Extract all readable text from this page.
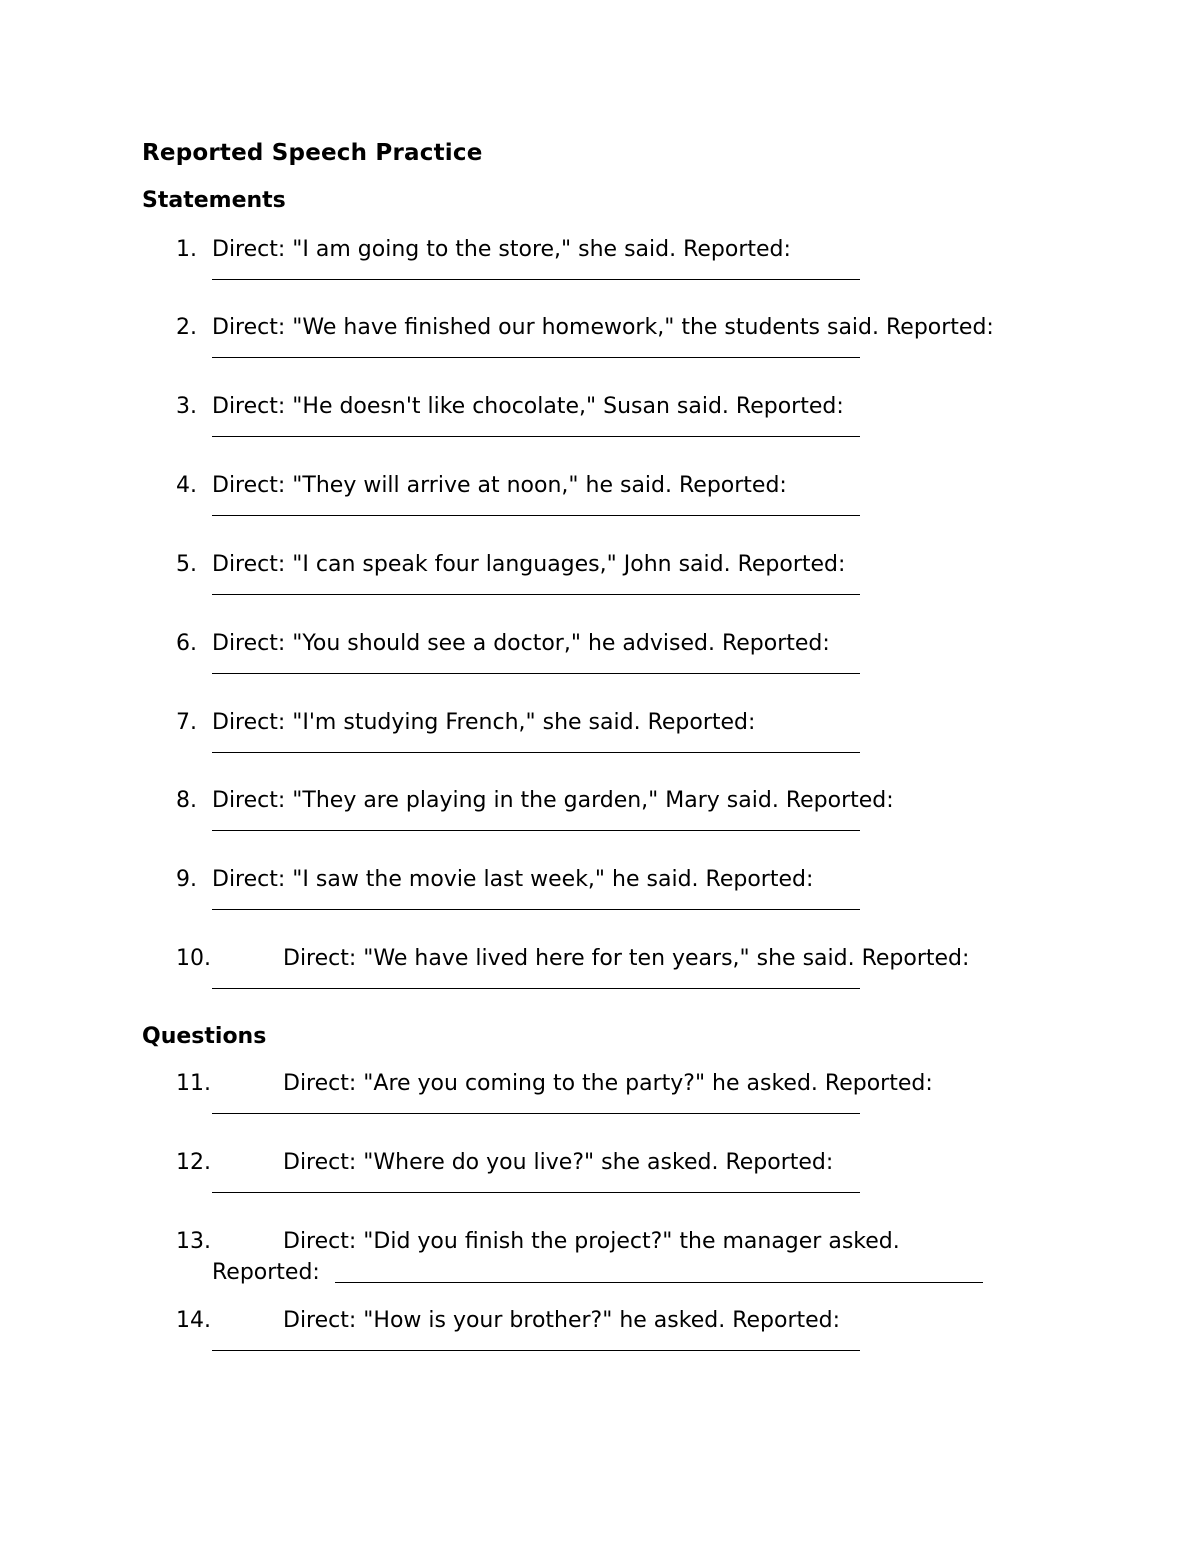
Reported Speech Practice
Statements
1. Direct: "I am going to the store," she said. Reported:
2. Direct: "We have finished our homework," the students said. Reported:
3. Direct: "He doesn't like chocolate," Susan said. Reported:
4. Direct: "They will arrive at noon," he said. Reported:
5. Direct: "I can speak four languages," John said. Reported:
6. Direct: "You should see a doctor," he advised. Reported:
7. Direct: "I'm studying French," she said. Reported:
8. Direct: "They are playing in the garden," Mary said. Reported:
9. Direct: "I saw the movie last week," he said. Reported:
10.	Direct: "We have lived here for ten years," she said. Reported:
Questions
11.	Direct: "Are you coming to the party?" he asked. Reported:
12.	Direct: "Where do you live?" she asked. Reported:
13.	Direct: "Did you finish the project?" the manager asked.
Reported:
14.	Direct: "How is your brother?" he asked. Reported:
